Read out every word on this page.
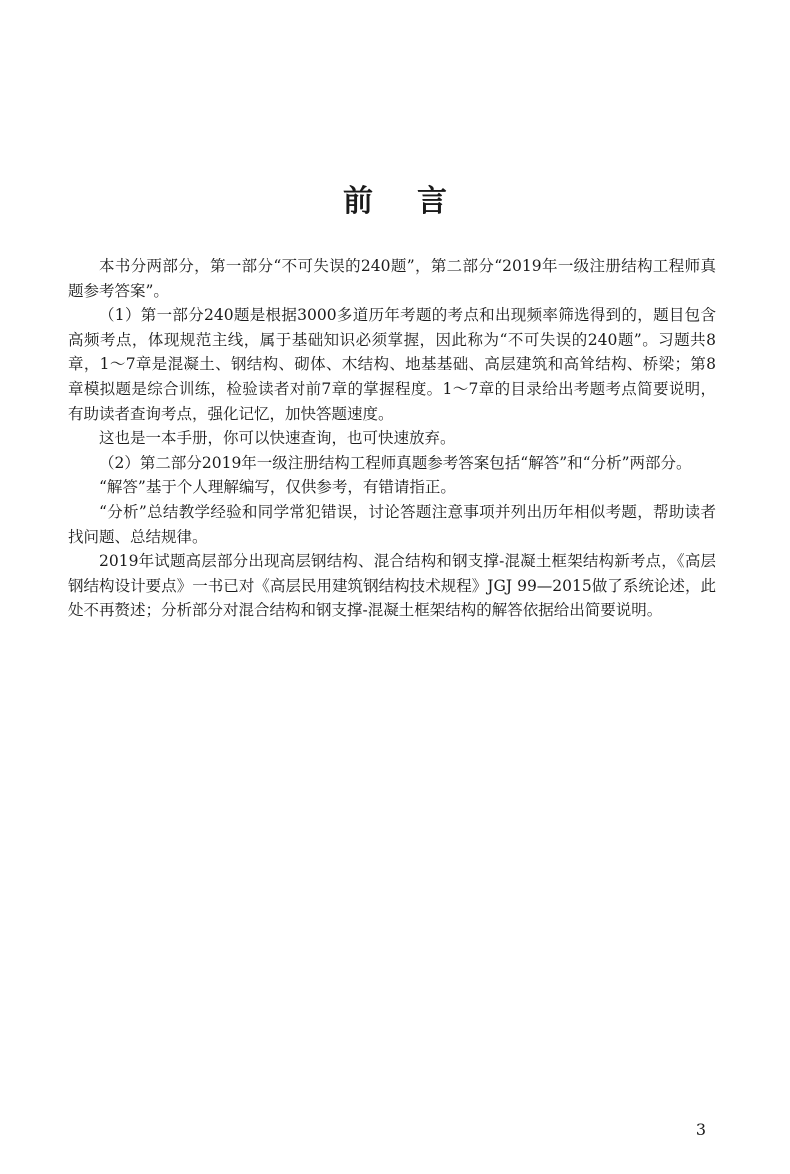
前言

本书分两部分，第一部分“不可失误的240题”，第二部分“2019年一级注册结构工程师真题参考答案”。

（1）第一部分240题是根据3000多道历年考题的考点和出现频率筛选得到的，题目包含高频考点，体现规范主线，属于基础知识必须掌握，因此称为“不可失误的240题”。习题共8章，1～7章是混凝土、钢结构、砌体、木结构、地基基础、高层建筑和高耸结构、桥梁；第8章模拟题是综合训练，检验读者对前7章的掌握程度。1～7章的目录给出考题考点简要说明，有助读者查询考点，强化记忆，加快答题速度。

这也是一本手册，你可以快速查询，也可快速放弃。

（2）第二部分2019年一级注册结构工程师真题参考答案包括“解答”和“分析”两部分。

“解答”基于个人理解编写，仅供参考，有错请指正。

“分析”总结教学经验和同学常犯错误，讨论答题注意事项并列出历年相似考题，帮助读者找问题、总结规律。

2019年试题高层部分出现高层钢结构、混合结构和钢支撑-混凝土框架结构新考点，《高层钢结构设计要点》一书已对《高层民用建筑钢结构技术规程》JGJ 99—2015做了系统论述，此处不再赘述；分析部分对混合结构和钢支撑-混凝土框架结构的解答依据给出简要说明。

3
